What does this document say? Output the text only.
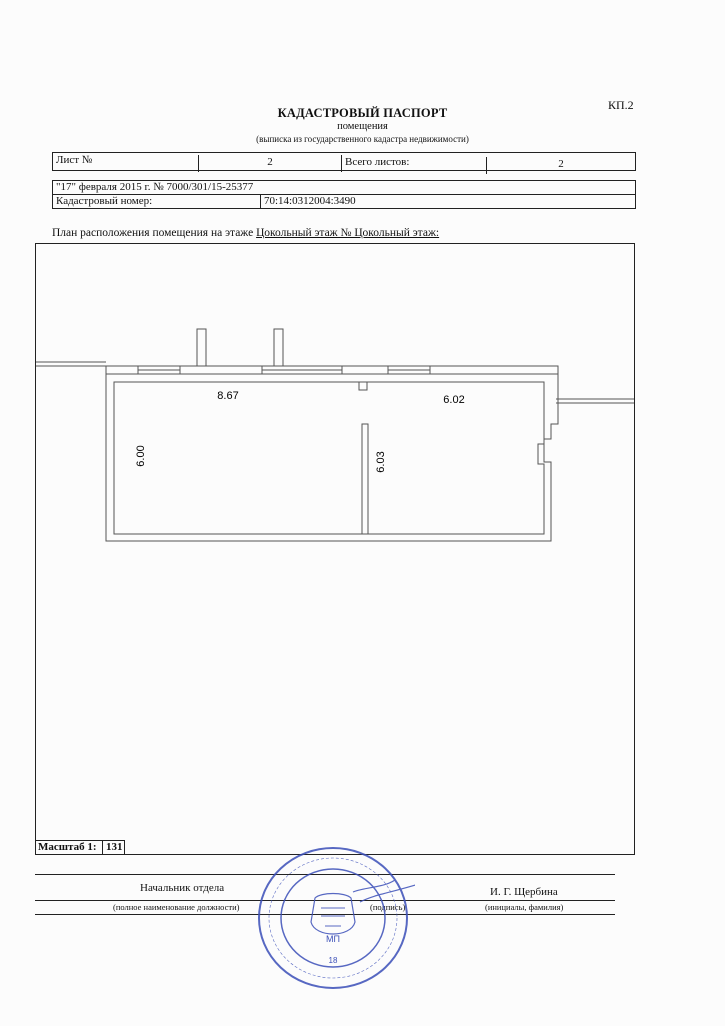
КП.2
КАДАСТРОВЫЙ ПАСПОРТ
помещения
(выписка из государственного кадастра недвижимости)
Лист №	2	Всего листов:	2
"17" февраля 2015 г. № 7000/301/15-25377
Кадастровый номер:	70:14:0312004:3490
План расположения помещения на этаже Цокольный этаж № Цокольный этаж:
8.67	6.02
6.00	6.03
Масштаб 1: 131
Начальник отдела
(полное наименование должности)	(подпись)
И. Г. Щербина
(инициалы, фамилия)
МП
18
